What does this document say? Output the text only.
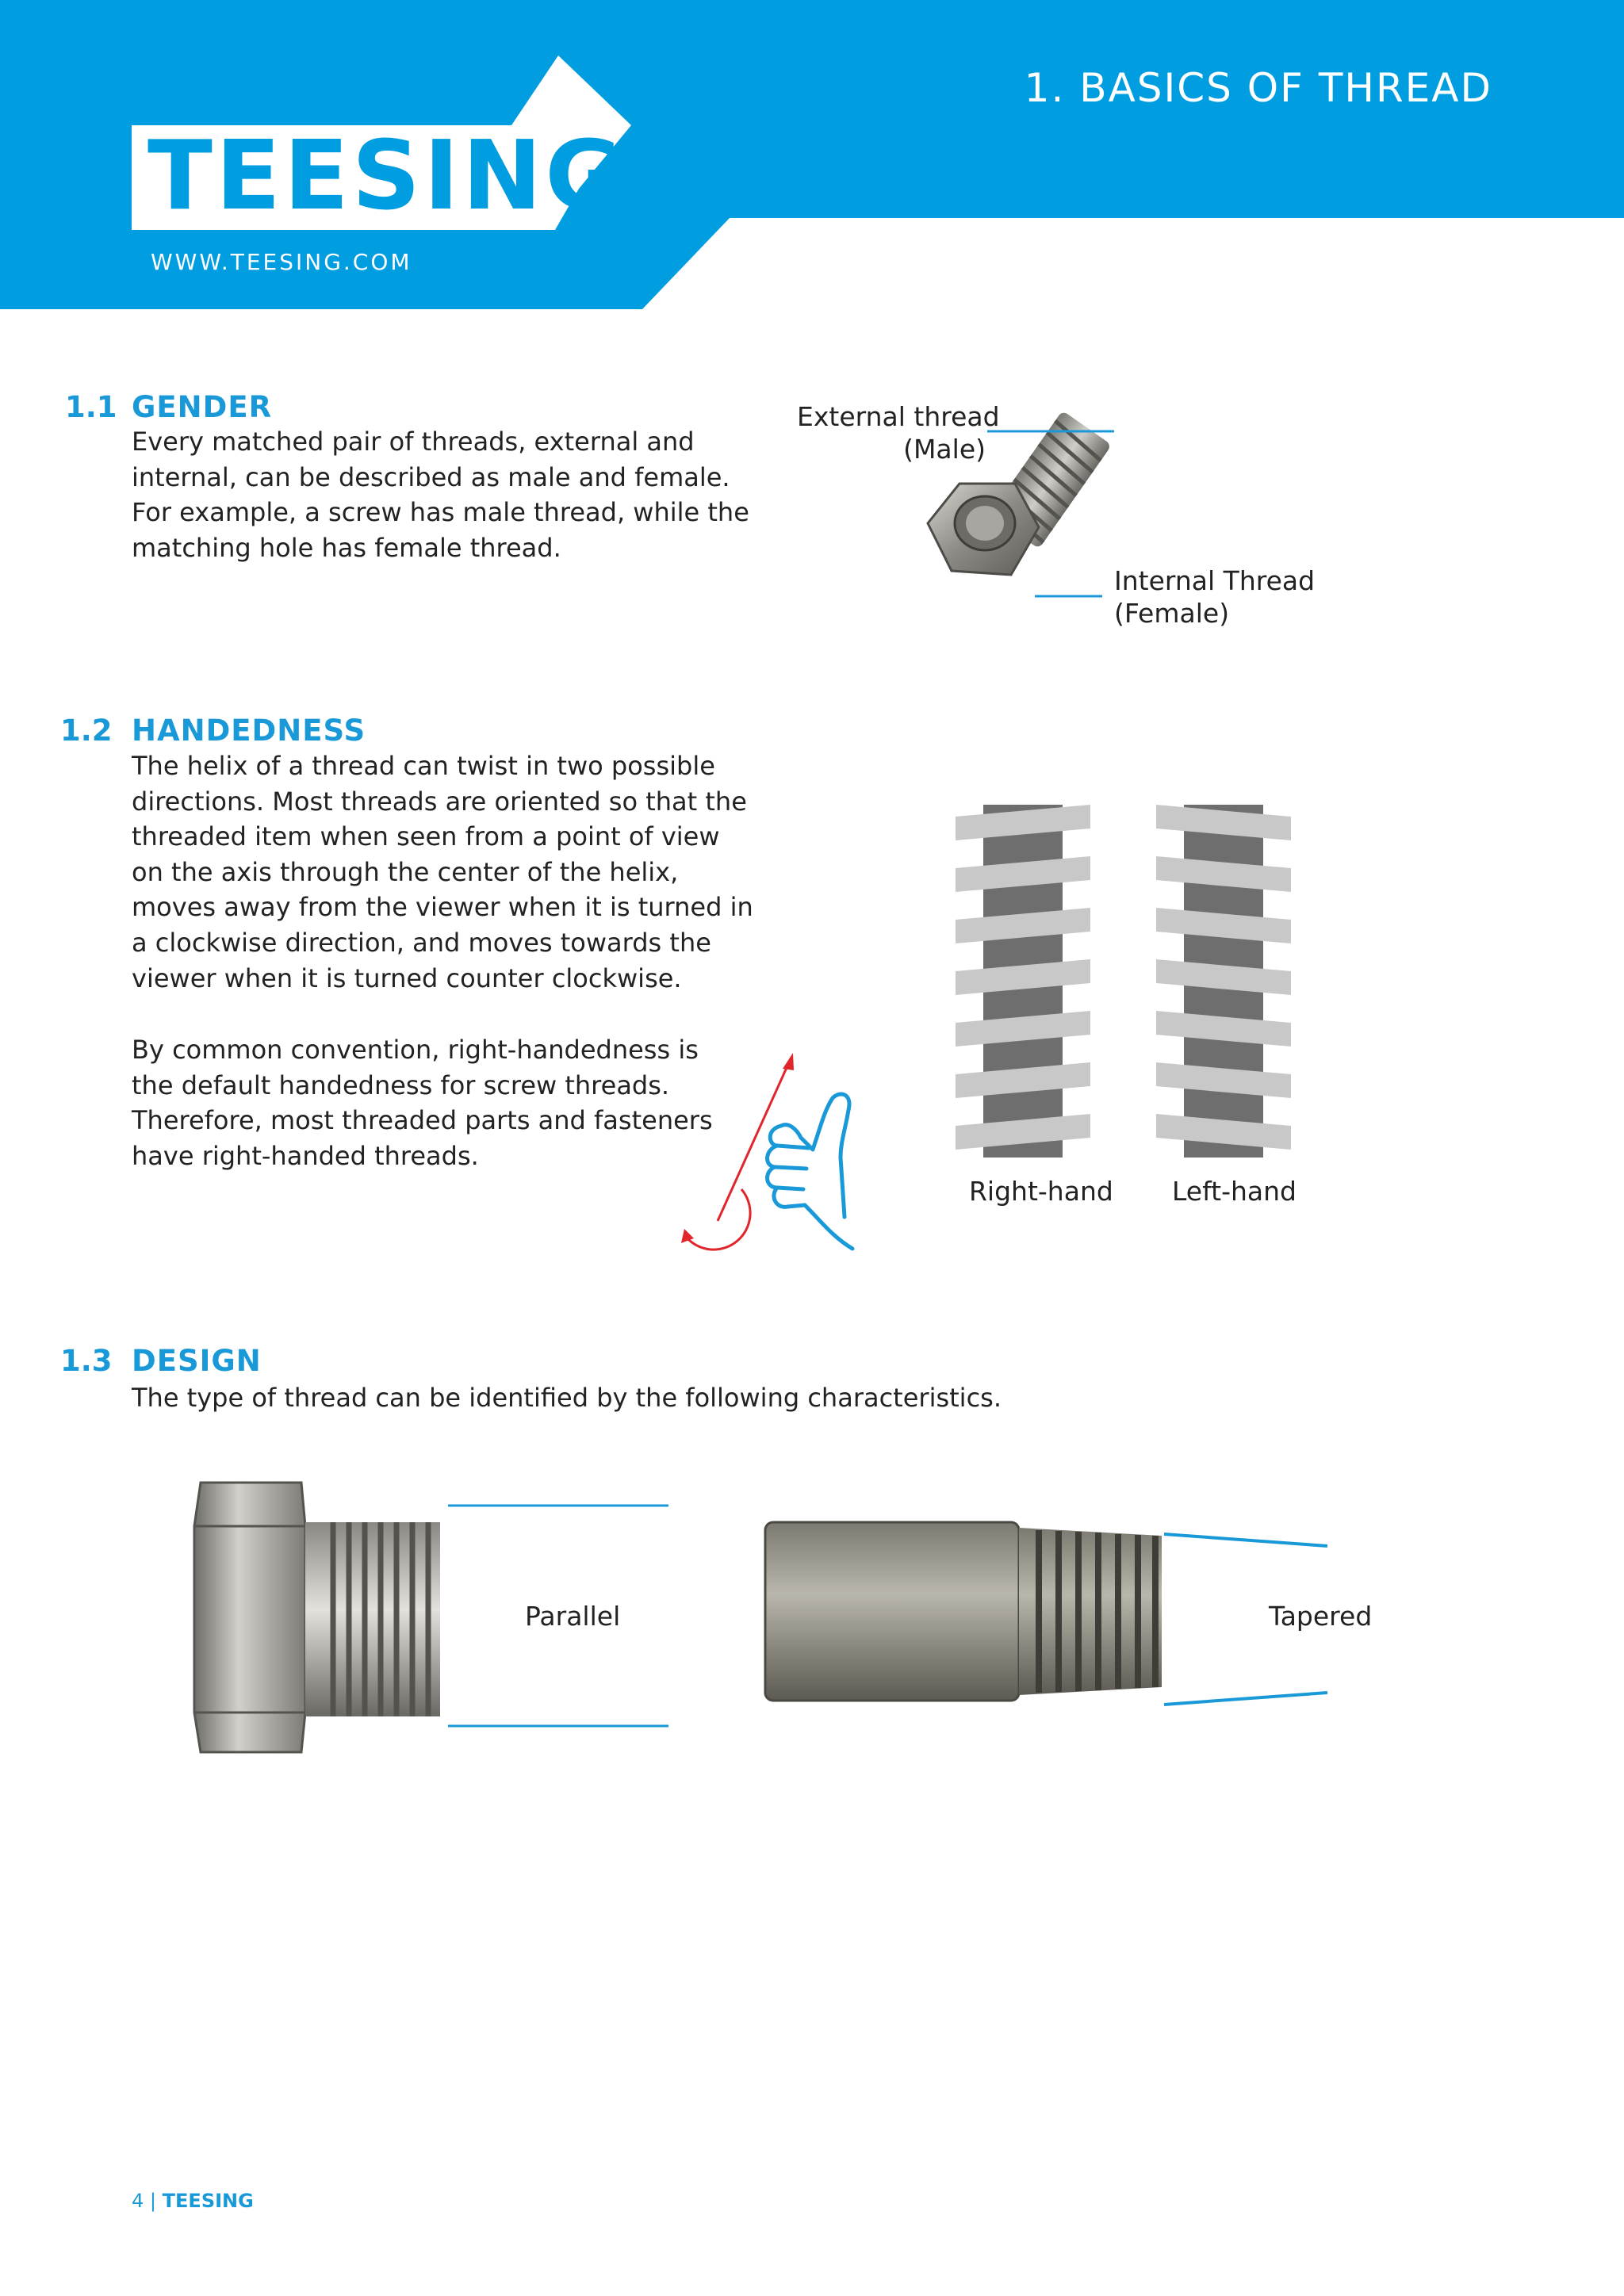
TEESING
WWW.TEESING.COM
1. BASICS OF THREAD
1.1 GENDER
Every matched pair of threads, external and internal, can be described as male and female. For example, a screw has male thread, while the matching hole has female thread.
External thread
(Male)
Internal Thread
(Female)
1.2 HANDEDNESS
The helix of a thread can twist in two possible directions. Most threads are oriented so that the threaded item when seen from a point of view on the axis through the center of the helix, moves away from the viewer when it is turned in a clockwise direction, and moves towards the viewer when it is turned counter clockwise.
By common convention, right-handedness is the default handedness for screw threads. Therefore, most threaded parts and fasteners have right-handed threads.
Right-hand Left-hand
1.3 DESIGN
The type of thread can be identified by the following characteristics.
Parallel	Tapered
4 | TEESING
